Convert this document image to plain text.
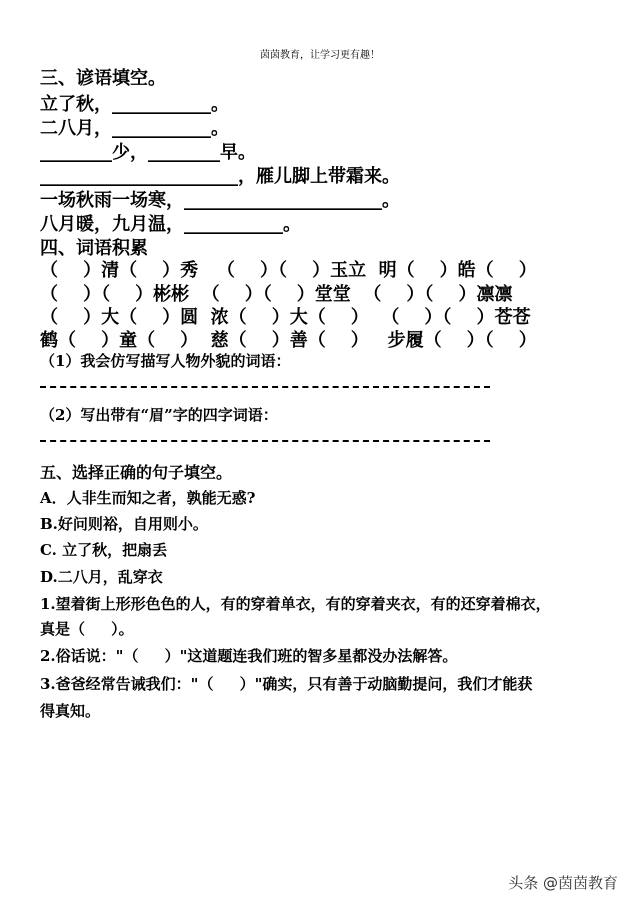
茵茵教育，让学习更有趣！
三、谚语填空。
立了秋，___________。
二八月，___________。
________少，________早。
______________________，雁儿脚上带霜来。
一场秋雨一场寒，______________________。
八月暖，九月温，___________。
四、词语积累
（    ）清（    ）秀   （    ）（    ）玉立  明（    ）皓（    ）
（    ）（    ）彬彬  （    ）（    ）堂堂  （    ）（    ）凛凛
（    ）大（    ）圆  浓（    ）大（    ）  （    ）（    ）苍苍
鹤（    ）童（    ）  慈（    ）善（    ）   步履（    ）（    ）
（1）我会仿写描写人物外貌的词语：
（2）写出带有“眉”字的四字词语：
五、选择正确的句子填空。
A．人非生而知之者，孰能无惑?
B.好问则裕，自用则小。
C. 立了秋，把扇丢
D.二八月，乱穿衣
1.望着街上形形色色的人，有的穿着单衣，有的穿着夹衣，有的还穿着棉衣，
真是（     ）。
2.俗话说："（     ）"这道题连我们班的智多星都没办法解答。
3.爸爸经常告诫我们："（     ）"确实，只有善于动脑勤提问，我们才能获
得真知。
头条 @茵茵教育
